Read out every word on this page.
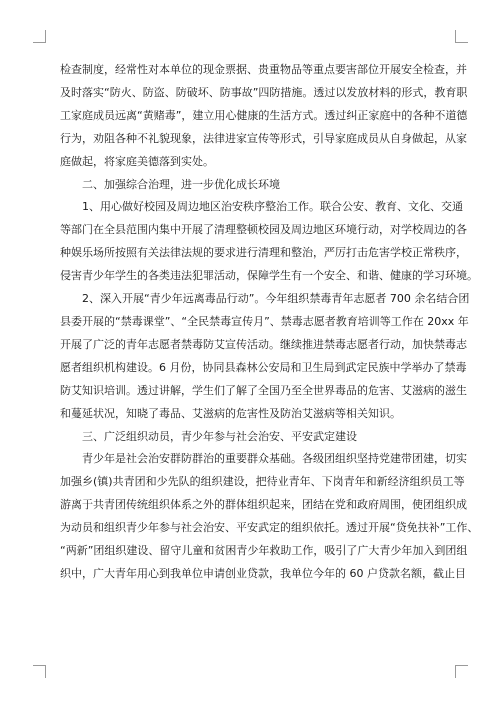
检查制度，经常性对本单位的现金票据、贵重物品等重点要害部位开展安全检查，并

及时落实“防火、防盗、防破坏、防事故”四防措施。透过以发放材料的形式，教育职

工家庭成员远离“黄赌毒”，建立用心健康的生活方式。透过纠正家庭中的各种不道德

行为，劝阻各种不礼貌现象，法律进家宣传等形式，引导家庭成员从自身做起，从家

庭做起，将家庭美德落到实处。

二、加强综合治理，进一步优化成长环境

1、用心做好校园及周边地区治安秩序整治工作。联合公安、教育、文化、交通

等部门在全县范围内集中开展了清理整顿校园及周边地区环境行动，对学校周边的各

种娱乐场所按照有关法律法规的要求进行清理和整治，严厉打击危害学校正常秩序，

侵害青少年学生的各类违法犯罪活动，保障学生有一个安全、和谐、健康的学习环境。

2、深入开展“青少年远离毒品行动”。今年组织禁毒青年志愿者 700 余名结合团

县委开展的“禁毒课堂”、“全民禁毒宣传月”、禁毒志愿者教育培训等工作在 20xx 年

开展了广泛的青年志愿者禁毒防艾宣传活动。继续推进禁毒志愿者行动，加快禁毒志

愿者组织机构建设。6 月份，协同县森林公安局和卫生局到武定民族中学举办了禁毒

防艾知识培训。透过讲解，学生们了解了全国乃至全世界毒品的危害、艾滋病的滋生

和蔓延状况，知晓了毒品、艾滋病的危害性及防治艾滋病等相关知识。

三、广泛组织动员，青少年参与社会治安、平安武定建设

青少年是社会治安群防群治的重要群众基础。各级团组织坚持党建带团建，切实

加强乡(镇)共青团和少先队的组织建设，把待业青年、下岗青年和新经济组织员工等

游离于共青团传统组织体系之外的群体组织起来，团结在党和政府周围，使团组织成

为动员和组织青少年参与社会治安、平安武定的组织依托。透过开展“贷免扶补”工作、

“两新”团组织建设、留守儿童和贫困青少年救助工作，吸引了广大青少年加入到团组

织中，广大青年用心到我单位申请创业贷款，我单位今年的 60 户贷款名额，截止目
